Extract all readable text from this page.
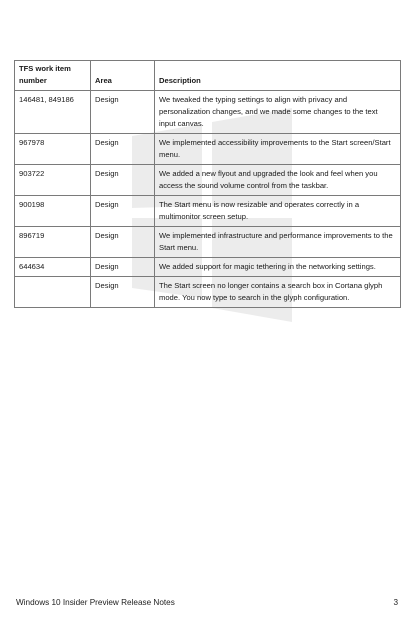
TFS work item number	Area	Description
146481, 849186	Design	We tweaked the typing settings to align with privacy and personalization changes, and we made some changes to the text input canvas.
967978	Design	We implemented accessibility improvements to the Start screen/Start menu.
903722	Design	We added a new flyout and upgraded the look and feel when you access the sound volume control from the taskbar.
900198	Design	The Start menu is now resizable and operates correctly in a multimonitor screen setup.
896719	Design	We implemented infrastructure and performance improvements to the Start menu.
644634	Design	We added support for magic tethering in the networking settings.
	Design	The Start screen no longer contains a search box in Cortana glyph mode. You now type to search in the glyph configuration.
Windows 10 Insider Preview Release Notes	3
